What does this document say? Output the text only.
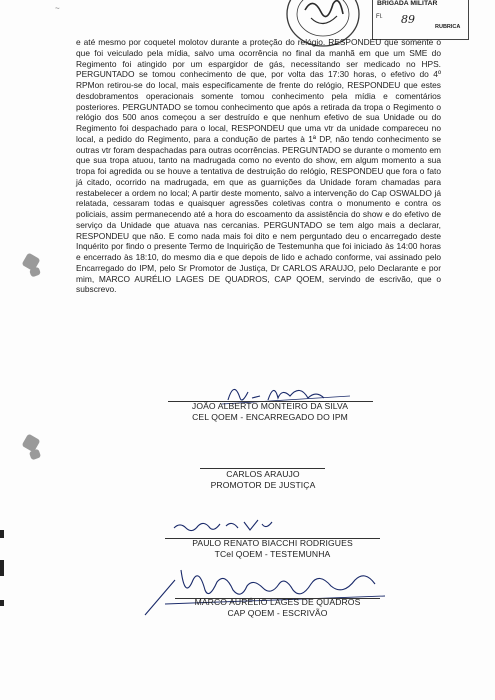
~
BRIGADA MILITAR
Fl. 89
RUBRICA

e até mesmo por coquetel molotov durante a proteção do relógio. RESPONDEU que somente o que foi veiculado pela mídia, salvo uma ocorrência no final da manhã em que um SME do Regimento foi atingido por um espargidor de gás, necessitando ser medicado no HPS. PERGUNTADO se tomou conhecimento de que, por volta das 17:30 horas, o efetivo do 4º RPMon retirou-se do local, mais especificamente de frente do relógio, RESPONDEU que estes desdobramentos operacionais somente tomou conhecimento pela mídia e comentários posteriores. PERGUNTADO se tomou conhecimento que após a retirada da tropa o Regimento o relógio dos 500 anos começou a ser destruído e que nenhum efetivo de sua Unidade ou do Regimento foi despachado para o local, RESPONDEU que uma vtr da unidade compareceu no local, a pedido do Regimento, para a condução de partes à 1ª DP, não tendo conhecimento se outras vtr foram despachadas para outras ocorrências. PERGUNTADO se durante o momento em que sua tropa atuou, tanto na madrugada como no evento do show, em algum momento a sua tropa foi agredida ou se houve a tentativa de destruição do relógio, RESPONDEU que fora o fato já citado, ocorrido na madrugada, em que as guarnições da Unidade foram chamadas para restabelecer a ordem no local; A partir deste momento, salvo a intervenção do Cap OSWALDO já relatada, cessaram todas e quaisquer agressões coletivas contra o monumento e contra os policiais, assim permanecendo até a hora do escoamento da assistência do show e do efetivo de serviço da Unidade que atuava nas cercanias. PERGUNTADO se tem algo mais a declarar, RESPONDEU que não. E como nada mais foi dito e nem perguntado deu o encarregado deste Inquérito por findo o presente Termo de Inquirição de Testemunha que foi iniciado às 14:00 horas e encerrado às 18:10, do mesmo dia e que depois de lido e achado conforme, vai assinado pelo Encarregado do IPM, pelo Sr Promotor de Justiça, Dr CARLOS ARAUJO, pelo Declarante e por mim, MARCO AURÉLIO LAGES DE QUADROS, CAP QOEM, servindo de escrivão, que o subscrevo.

JOÃO ALBERTO MONTEIRO DA SILVA
CEL QOEM - ENCARREGADO DO IPM
CARLOS ARAUJO
PROMOTOR DE JUSTIÇA
PAULO RENATO BIACCHI RODRIGUES
TCel QOEM - TESTEMUNHA
MARCO AURÉLIO LAGES DE QUADROS
CAP QOEM - ESCRIVÃO
